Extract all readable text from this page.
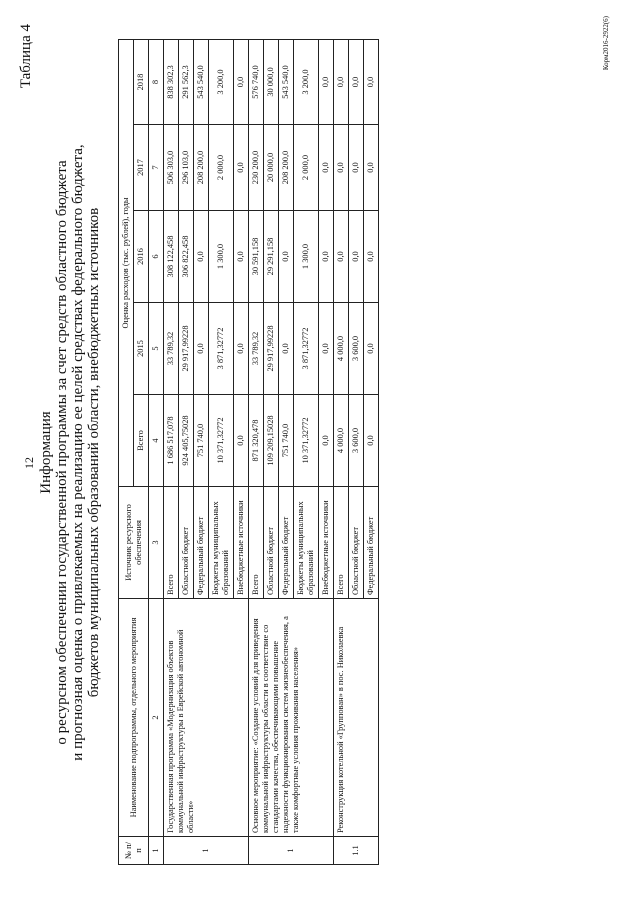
12
Таблица 4
Информация о ресурсном обеспечении государственной программы за счет средств областного бюджета и прогнозная оценка о привлекаемых на реализацию ее целей средствах федерального бюджета, бюджетов муниципальных образований области, внебюджетных источников
№ п/п	Наименование подпрограммы, отдельного мероприятия	Источник ресурсного обеспечения	Оценка расходов (тыс. рублей), годы				
			Всего	2015	2016	2017	2018
1	2	3	4	5	6	7	8
1	Государственная программа «Модернизация объектов коммунальной инфраструктуры в Еврейской автономной области»	Всего	1 686 517,078	33 789,32	308 122,458	506 303,0	838 302,3
		Областной бюджет	924 405,75028	29 917,99228	306 822,458	296 103,0	291 562,3
		Федеральный бюджет	751 740,0	0,0	0,0	208 200,0	543 540,0
		Бюджеты муниципальных образований	10 371,32772	3 871,32772	1 300,0	2 000,0	3 200,0
		Внебюджетные источники	0,0	0,0	0,0	0,0	0,0
1	Основное мероприятие: «Создание условий для приведения коммунальной инфраструктуры области в соответствие со стандартами качества, обеспечивающими повышение надежности функционирования систем жизнеобеспечения, а также комфортные условия проживания населения»	Всего	871 320,478	33 789,32	30 591,158	230 200,0	576 740,0
		Областной бюджет	109 209,15028	29 917,99228	29 291,158	20 000,0	30 000,0
		Федеральный бюджет	751 740,0	0,0	0,0	208 200,0	543 540,0
		Бюджеты муниципальных образований	10 371,32772	3 871,32772	1 300,0	2 000,0	3 200,0
		Внебюджетные источники	0,0	0,0	0,0	0,0	0,0
1.1	Реконструкция котельной «Группован» в пос. Николаевка	Всего	4 000,0	4 000,0	0,0	0,0	0,0
		Областной бюджет	3 600,0	3 600,0	0,0	0,0	0,0
		Федеральный бюджет	0,0	0,0	0,0	0,0	0,0
Корм2016-2922(6)
